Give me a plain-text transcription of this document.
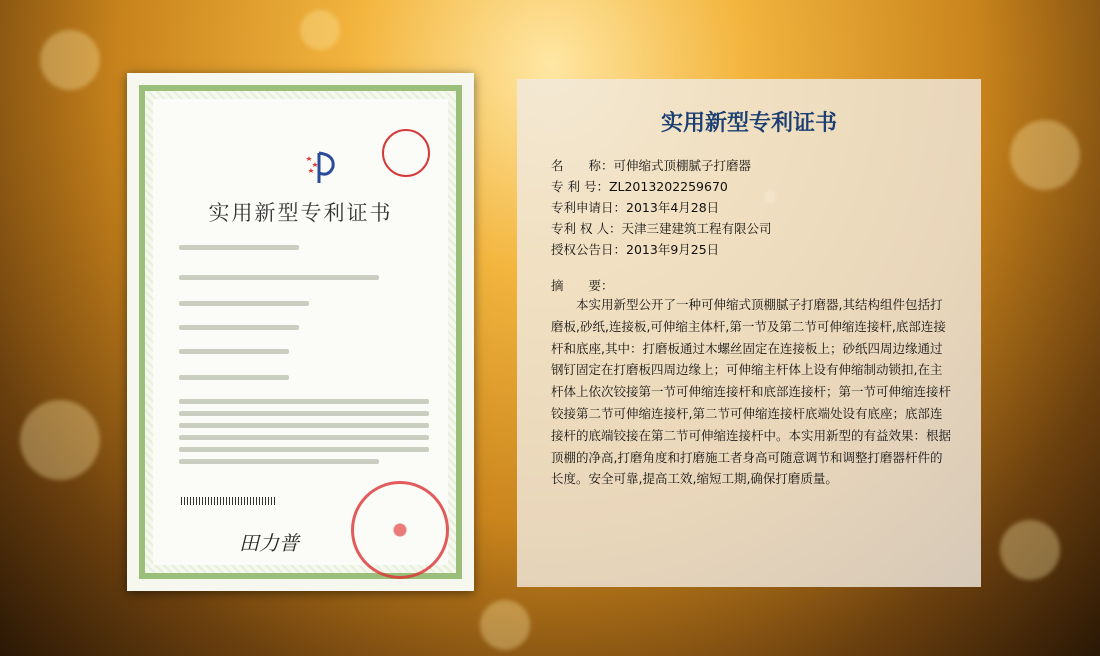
实用新型专利证书
田力普
实用新型专利证书
名　　称：可伸缩式顶棚腻子打磨器
专 利 号：ZL2013202259670
专利申请日：2013年4月28日
专利 权 人：天津三建建筑工程有限公司
授权公告日：2013年9月25日
摘　　要：

本实用新型公开了一种可伸缩式顶棚腻子打磨器,其结构组件包括打磨板,砂纸,连接板,可伸缩主体杆,第一节及第二节可伸缩连接杆,底部连接杆和底座,其中：打磨板通过木螺丝固定在连接板上；砂纸四周边缘通过钢钉固定在打磨板四周边缘上；可伸缩主杆体上设有伸缩制动锁扣,在主杆体上依次铰接第一节可伸缩连接杆和底部连接杆；第一节可伸缩连接杆铰接第二节可伸缩连接杆,第二节可伸缩连接杆底端处设有底座；底部连接杆的底端铰接在第二节可伸缩连接杆中。本实用新型的有益效果：根据顶棚的净高,打磨角度和打磨施工者身高可随意调节和调整打磨器杆件的长度。安全可靠,提高工效,缩短工期,确保打磨质量。
